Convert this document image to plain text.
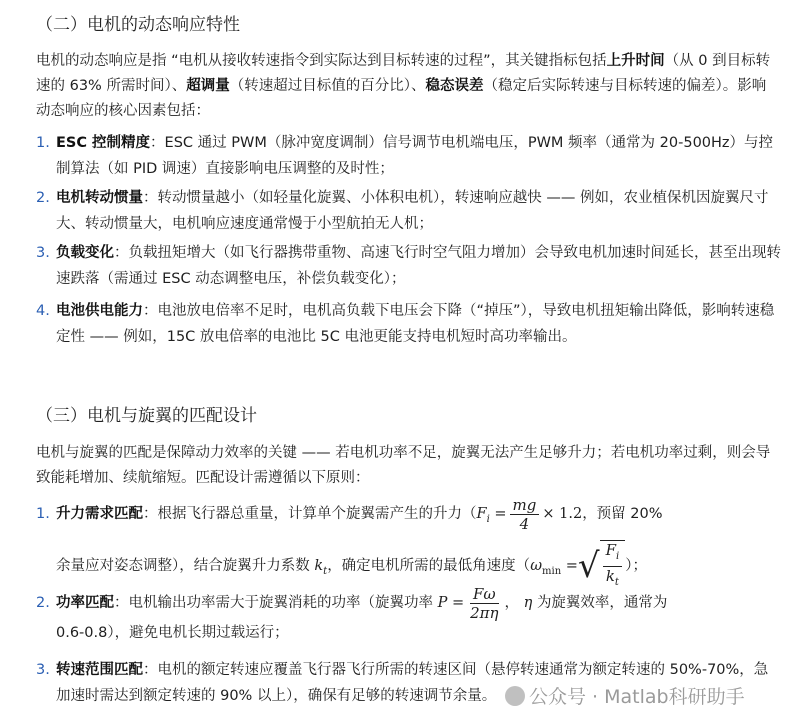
（二）电机的动态响应特性
电机的动态响应是指 “电机从接收转速指令到实际达到目标转速的过程”，其关键指标包括上升时间（从 0 到目标转速的 63% 所需时间）、超调量（转速超过目标值的百分比）、稳态误差（稳定后实际转速与目标转速的偏差）。影响动态响应的核心因素包括：
1. ESC 控制精度：ESC 通过 PWM（脉冲宽度调制）信号调节电机端电压，PWM 频率（通常为 20-500Hz）与控制算法（如 PID 调速）直接影响电压调整的及时性；
2. 电机转动惯量：转动惯量越小（如轻量化旋翼、小体积电机），转速响应越快 —— 例如，农业植保机因旋翼尺寸大、转动惯量大，电机响应速度通常慢于小型航拍无人机；
3. 负载变化：负载扭矩增大（如飞行器携带重物、高速飞行时空气阻力增加）会导致电机加速时间延长，甚至出现转速跌落（需通过 ESC 动态调整电压，补偿负载变化）；
4. 电池供电能力：电池放电倍率不足时，电机高负载下电压会下降（“掉压”），导致电机扭矩输出降低，影响转速稳定性 —— 例如，15C 放电倍率的电池比 5C 电池更能支持电机短时高功率输出。
（三）电机与旋翼的匹配设计
电机与旋翼的匹配是保障动力效率的关键 —— 若电机功率不足，旋翼无法产生足够升力；若电机功率过剩，则会导致能耗增加、续航缩短。匹配设计需遵循以下原则：
1. 升力需求匹配：根据飞行器总重量，计算单个旋翼需产生的升力（$F_i = \frac{mg}{4} \times 1.2$，预留 20%
余量应对姿态调整），结合旋翼升力系数 $k_t$，确定电机所需的最低角速度（$\omega_{min}$ = √ $\frac{F_i}{k_t}$ ）；
2. 功率匹配：电机输出功率需大于旋翼消耗的功率（旋翼功率 $P = \frac{F\omega}{2\pi\eta}$ ， η 为旋翼效率，通常为
0.6-0.8），避免电机长期过载运行；
3. 转速范围匹配：电机的额定转速应覆盖飞行器飞行所需的转速区间（悬停转速通常为额定转速的 50%-70%，急加速时需达到额定转速的 90% 以上），确保有足够的转速调节余量。	公众号 · Matlab科研助手
